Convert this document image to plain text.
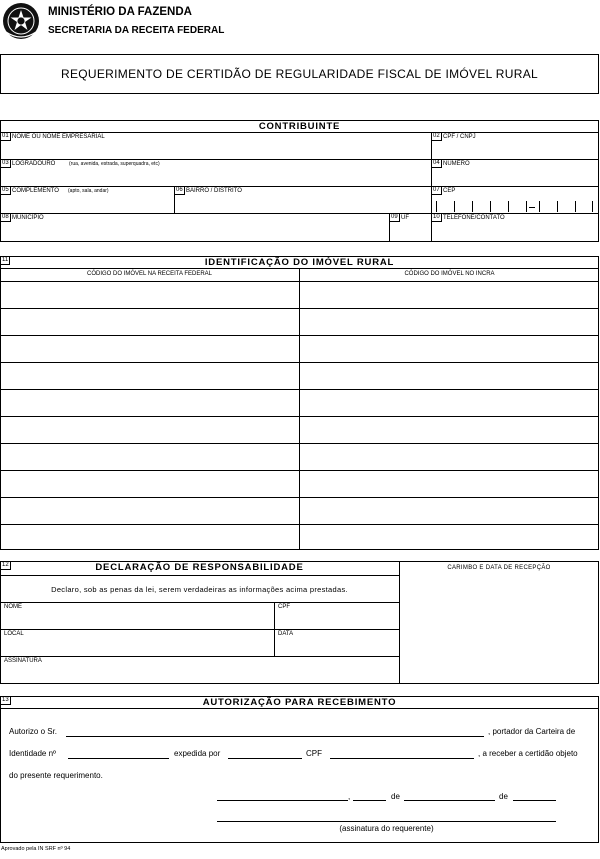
MINISTÉRIO DA FAZENDA
SECRETARIA DA RECEITA FEDERAL
REQUERIMENTO DE CERTIDÃO DE REGULARIDADE FISCAL DE IMÓVEL RURAL
CONTRIBUINTE
01 NOME OU NOME EMPRESARIAL	02 CPF / CNPJ
03 LOGRADOURO	(rua, avenida, estrada, superquadra, etc)	04 NÚMERO
05 COMPLEMENTO (apto, sala, andar)	06 BAIRRO / DISTRITO	07 CEP
08 MUNICÍPIO	09 UF	10 TELEFONE/CONTATO
11	IDENTIFICAÇÃO DO IMÓVEL RURAL
CÓDIGO DO IMÓVEL NA RECEITA FEDERAL	CÓDIGO DO IMÓVEL NO INCRA
12	DECLARAÇÃO DE RESPONSABILIDADE
Declaro, sob as penas da lei, serem verdadeiras as informações acima prestadas.
NOME	CPF
LOCAL	DATA
ASSINATURA
CARIMBO E DATA DE RECEPÇÃO
13	AUTORIZAÇÃO PARA RECEBIMENTO
Autorizo o Sr.	, portador da Carteira de
Identidade nº	expedida por	CPF	, a receber a certidão objeto
do presente requerimento.
,	de	de
(assinatura do requerente)
Aprovado pela IN SRF nº 94
